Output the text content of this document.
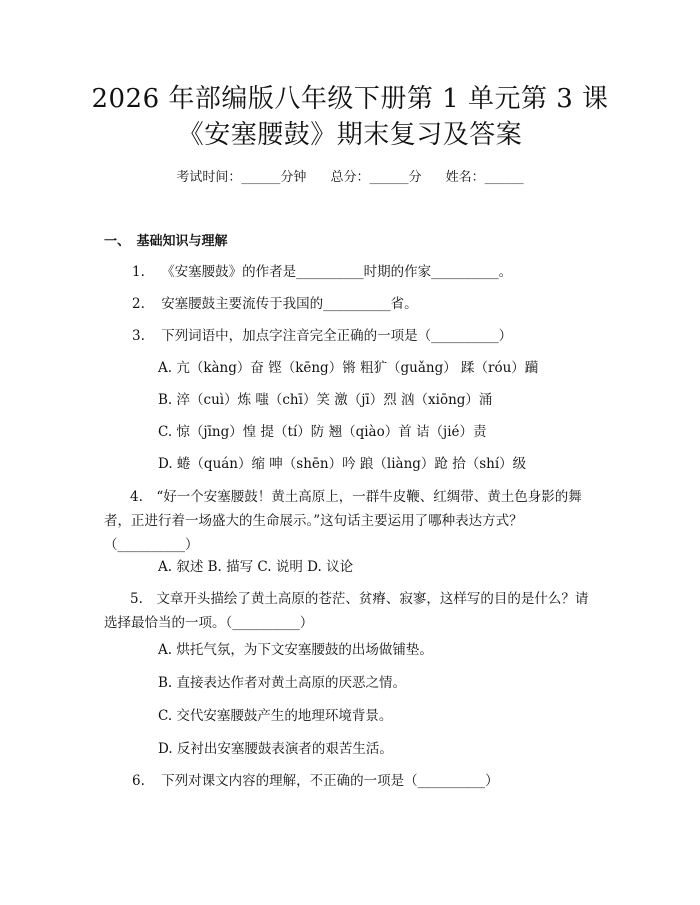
2026 年部编版八年级下册第 1 单元第 3 课
《安塞腰鼓》期末复习及答案
考试时间：______分钟 总分：______分 姓名：______
一、　基础知识与理解
1. 《安塞腰鼓》的作者是__________时期的作家__________。
2. 安塞腰鼓主要流传于我国的__________省。
3. 下列词语中，加点字注音完全正确的一项是（__________）
A. 亢（kàng）奋 铿（kēng）锵 粗犷（guǎng） 蹂（róu）躏
B. 淬（cuì）炼 嗤（chī）笑 激（jī）烈 汹（xiōng）涌
C. 惊（jīng）惶 提（tí）防 翘（qiào）首 诘（jié）责
D. 蜷（quán）缩 呻（shēn）吟 踉（liàng）跄 拾（shí）级
4.　“好一个安塞腰鼓！黄土高原上，一群牛皮鞭、红绸带、黄土色身影的舞者，正进行着一场盛大的生命展示。”这句话主要运用了哪种表达方式？（__________）
A. 叙述 B. 描写 C. 说明 D. 议论
5.　文章开头描绘了黄土高原的苍茫、贫瘠、寂寥，这样写的目的是什么？请选择最恰当的一项。（__________）
A. 烘托气氛，为下文安塞腰鼓的出场做铺垫。
B. 直接表达作者对黄土高原的厌恶之情。
C. 交代安塞腰鼓产生的地理环境背景。
D. 反衬出安塞腰鼓表演者的艰苦生活。
6. 下列对课文内容的理解，不正确的一项是（__________）
